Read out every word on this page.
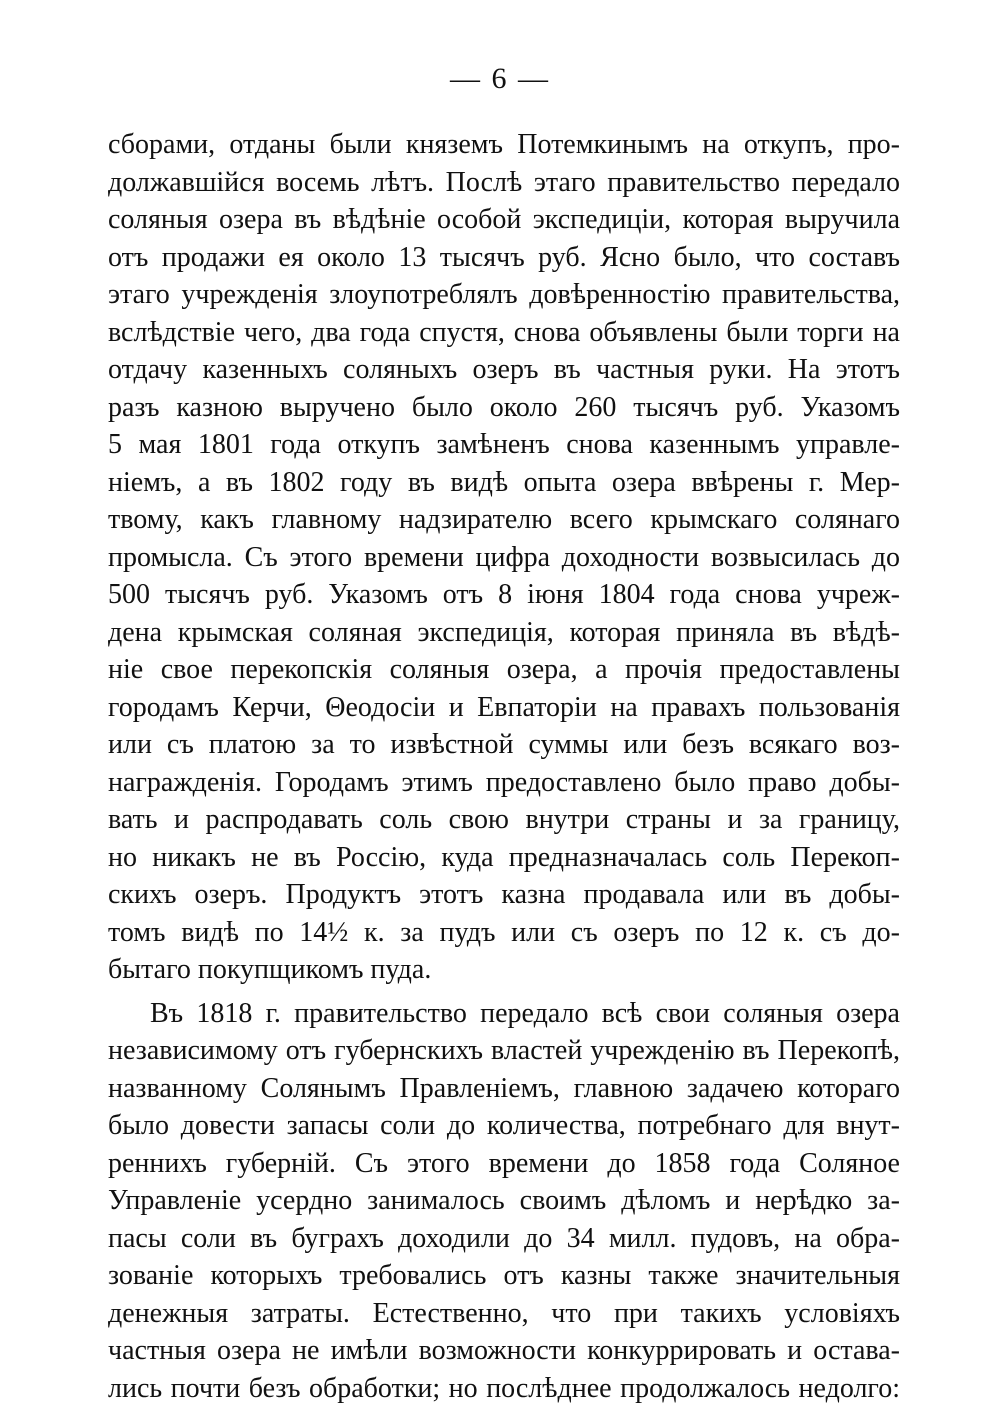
— 6 —
сборами, отданы были княземъ Потемкинымъ на откупъ, про-
должавшійся восемь лѣтъ. Послѣ этаго правительство передало
соляныя озера въ вѣдѣніе особой экспедиціи, которая выручила
отъ продажи ея около 13 тысячъ руб. Ясно было, что составъ
этаго учрежденія злоупотреблялъ довѣренностію правительства,
вслѣдствіе чего, два года спустя, снова объявлены были торги на
отдачу казенныхъ соляныхъ озеръ въ частныя руки. На этотъ
разъ казною выручено было около 260 тысячъ руб. Указомъ
5 мая 1801 года откупъ замѣненъ снова казеннымъ управле-
ніемъ, а въ 1802 году въ видѣ опыта озера ввѣрены г. Мер-
твому, какъ главному надзирателю всего крымскаго солянаго
промысла. Съ этого времени цифра доходности возвысилась до
500 тысячъ руб. Указомъ отъ 8 іюня 1804 года снова учреж-
дена крымская соляная экспедиція, которая приняла въ вѣдѣ-
ніе свое перекопскія соляныя озера, а прочія предоставлены
городамъ Керчи, Θеодосіи и Евпаторіи на правахъ пользованія
или съ платою за то извѣстной суммы или безъ всякаго воз-
награжденія. Городамъ этимъ предоставлено было право добы-
вать и распродавать соль свою внутри страны и за границу,
но никакъ не въ Россію, куда предназначалась соль Перекоп-
скихъ озеръ. Продуктъ этотъ казна продавала или въ добы-
томъ видѣ по 14½ к. за пудъ или съ озеръ по 12 к. съ до-
бытаго покупщикомъ пуда.
Въ 1818 г. правительство передало всѣ свои соляныя озера
независимому отъ губернскихъ властей учрежденію въ Перекопѣ,
названному Солянымъ Правленіемъ, главною задачею котораго
было довести запасы соли до количества, потребнаго для внут-
реннихъ губерній. Съ этого времени до 1858 года Соляное
Управленіе усердно занималось своимъ дѣломъ и нерѣдко за-
пасы соли въ буграхъ доходили до 34 милл. пудовъ, на обра-
зованіе которыхъ требовались отъ казны также значительныя
денежныя затраты. Естественно, что при такихъ условіяхъ
частныя озера не имѣли возможности конкуррировать и остава-
лись почти безъ обработки; но послѣднее продолжалось недолго:
